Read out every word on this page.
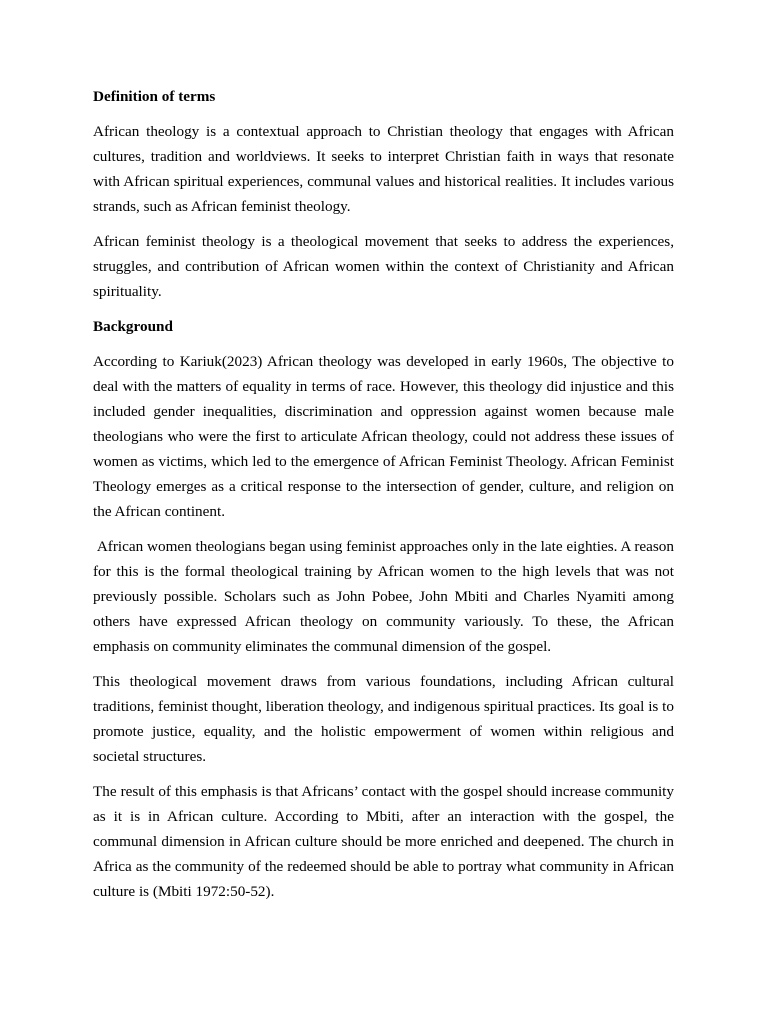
Definition of terms
African theology is a contextual approach to Christian theology that engages with African cultures, tradition and worldviews. It seeks to interpret Christian faith in ways that resonate with African spiritual experiences, communal values and historical realities. It includes various strands, such as African feminist theology.
African feminist theology is a theological movement that seeks to address the experiences, struggles, and contribution of African women within the context of Christianity and African spirituality.
Background
According to Kariuk(2023) African theology was developed in early 1960s, The objective to deal with the matters of equality in terms of race. However, this theology did injustice and this included gender inequalities, discrimination and oppression against women because male theologians who were the first to articulate African theology, could not address these issues of women as victims, which led to the emergence of African Feminist Theology. African Feminist Theology emerges as a critical response to the intersection of gender, culture, and religion on the African continent.
African women theologians began using feminist approaches only in the late eighties. A reason for this is the formal theological training by African women to the high levels that was not previously possible. Scholars such as John Pobee, John Mbiti and Charles Nyamiti among others have expressed African theology on community variously. To these, the African emphasis on community eliminates the communal dimension of the gospel.
This theological movement draws from various foundations, including African cultural traditions, feminist thought, liberation theology, and indigenous spiritual practices. Its goal is to promote justice, equality, and the holistic empowerment of women within religious and societal structures.
The result of this emphasis is that Africans’ contact with the gospel should increase community as it is in African culture. According to Mbiti, after an interaction with the gospel, the communal dimension in African culture should be more enriched and deepened. The church in Africa as the community of the redeemed should be able to portray what community in African culture is (Mbiti 1972:50-52).
